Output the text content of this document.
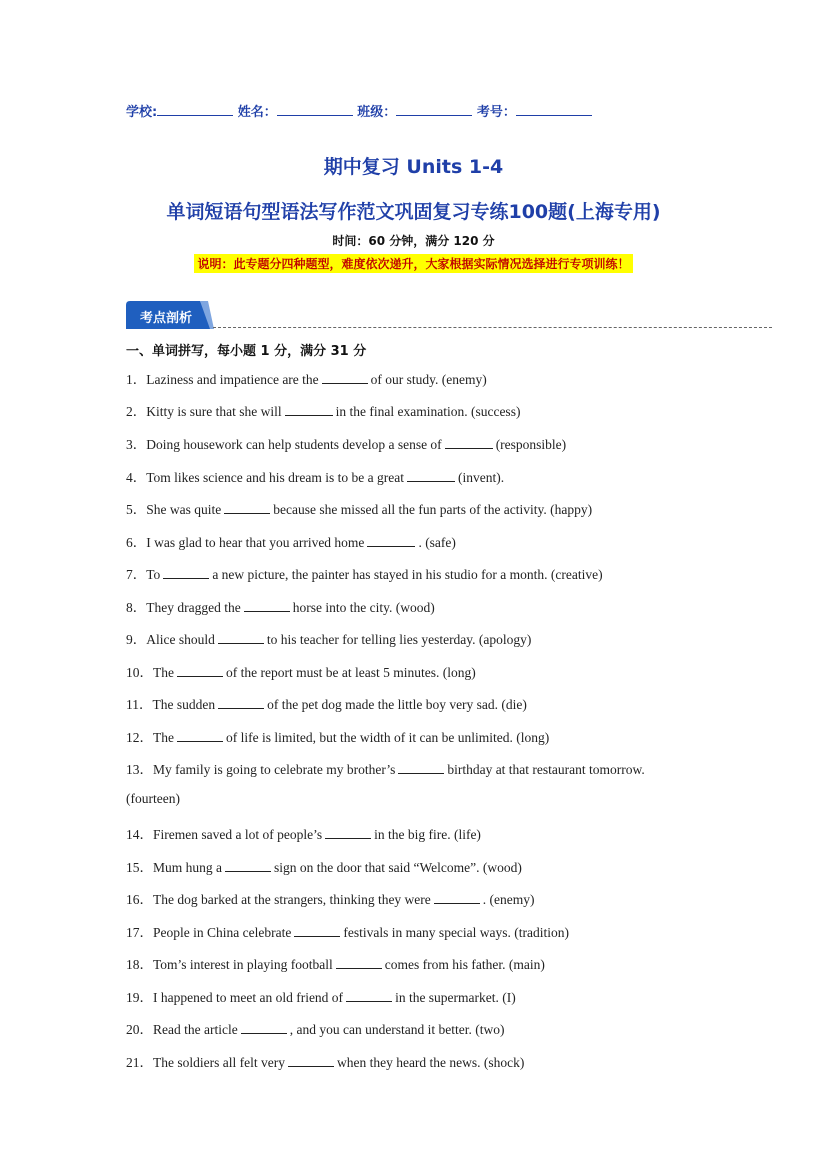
学校:	姓名：	班级：	考号：
期中复习 Units 1-4
单词短语句型语法写作范文巩固复习专练100题(上海专用)
时间：60 分钟，满分 120 分
说明：此专题分四种题型，难度依次递升，大家根据实际情况选择进行专项训练！
考点剖析
一、单词拼写，每小题 1 分，满分 31 分
1．Laziness and impatience are the	of our study. (enemy)
2．Kitty is sure that she will	in the final examination. (success)
3．Doing housework can help students develop a sense of	(responsible)
4．Tom likes science and his dream is to be a great	(invent).
5．She was quite	because she missed all the fun parts of the activity. (happy)
6．I was glad to hear that you arrived home	. (safe)
7．To	a new picture, the painter has stayed in his studio for a month. (creative)
8．They dragged the	horse into the city. (wood)
9．Alice should	to his teacher for telling lies yesterday. (apology)
10．The	of the report must be at least 5 minutes. (long)
11．The sudden	of the pet dog made the little boy very sad. (die)
12．The	of life is limited, but the width of it can be unlimited. (long)
13．My family is going to celebrate my brother’s	birthday at that restaurant tomorrow.
(fourteen)
14．Firemen saved a lot of people’s	in the big fire. (life)
15．Mum hung a	sign on the door that said “Welcome”. (wood)
16．The dog barked at the strangers, thinking they were	. (enemy)
17．People in China celebrate	festivals in many special ways. (tradition)
18．Tom’s interest in playing football	comes from his father. (main)
19．I happened to meet an old friend of	in the supermarket. (I)
20．Read the article	, and you can understand it better. (two)
21．The soldiers all felt very	when they heard the news. (shock)
